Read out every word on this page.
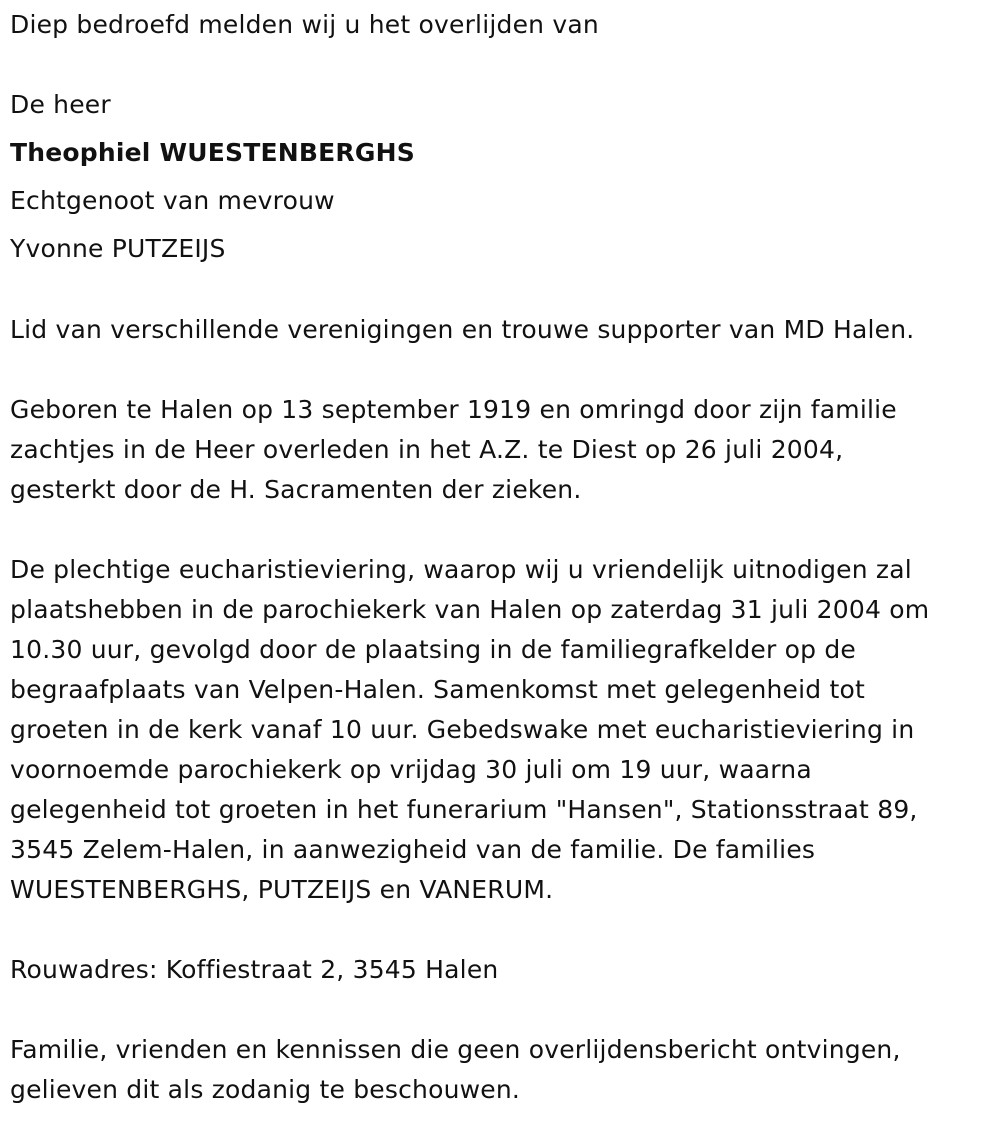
Diep bedroefd melden wij u het overlijden van
De heer
Theophiel WUESTENBERGHS
Echtgenoot van mevrouw
Yvonne PUTZEIJS
Lid van verschillende verenigingen en trouwe supporter van MD Halen.
Geboren te Halen op 13 september 1919 en omringd door zijn familie
zachtjes in de Heer overleden in het A.Z. te Diest op 26 juli 2004,
gesterkt door de H. Sacramenten der zieken.
De plechtige eucharistieviering, waarop wij u vriendelijk uitnodigen zal
plaatshebben in de parochiekerk van Halen op zaterdag 31 juli 2004 om
10.30 uur, gevolgd door de plaatsing in de familiegrafkelder op de
begraafplaats van Velpen-Halen. Samenkomst met gelegenheid tot
groeten in de kerk vanaf 10 uur. Gebedswake met eucharistieviering in
voornoemde parochiekerk op vrijdag 30 juli om 19 uur, waarna
gelegenheid tot groeten in het funerarium "Hansen", Stationsstraat 89,
3545 Zelem-Halen, in aanwezigheid van de familie. De families
WUESTENBERGHS, PUTZEIJS en VANERUM.
Rouwadres: Koffiestraat 2, 3545 Halen
Familie, vrienden en kennissen die geen overlijdensbericht ontvingen,
gelieven dit als zodanig te beschouwen.
